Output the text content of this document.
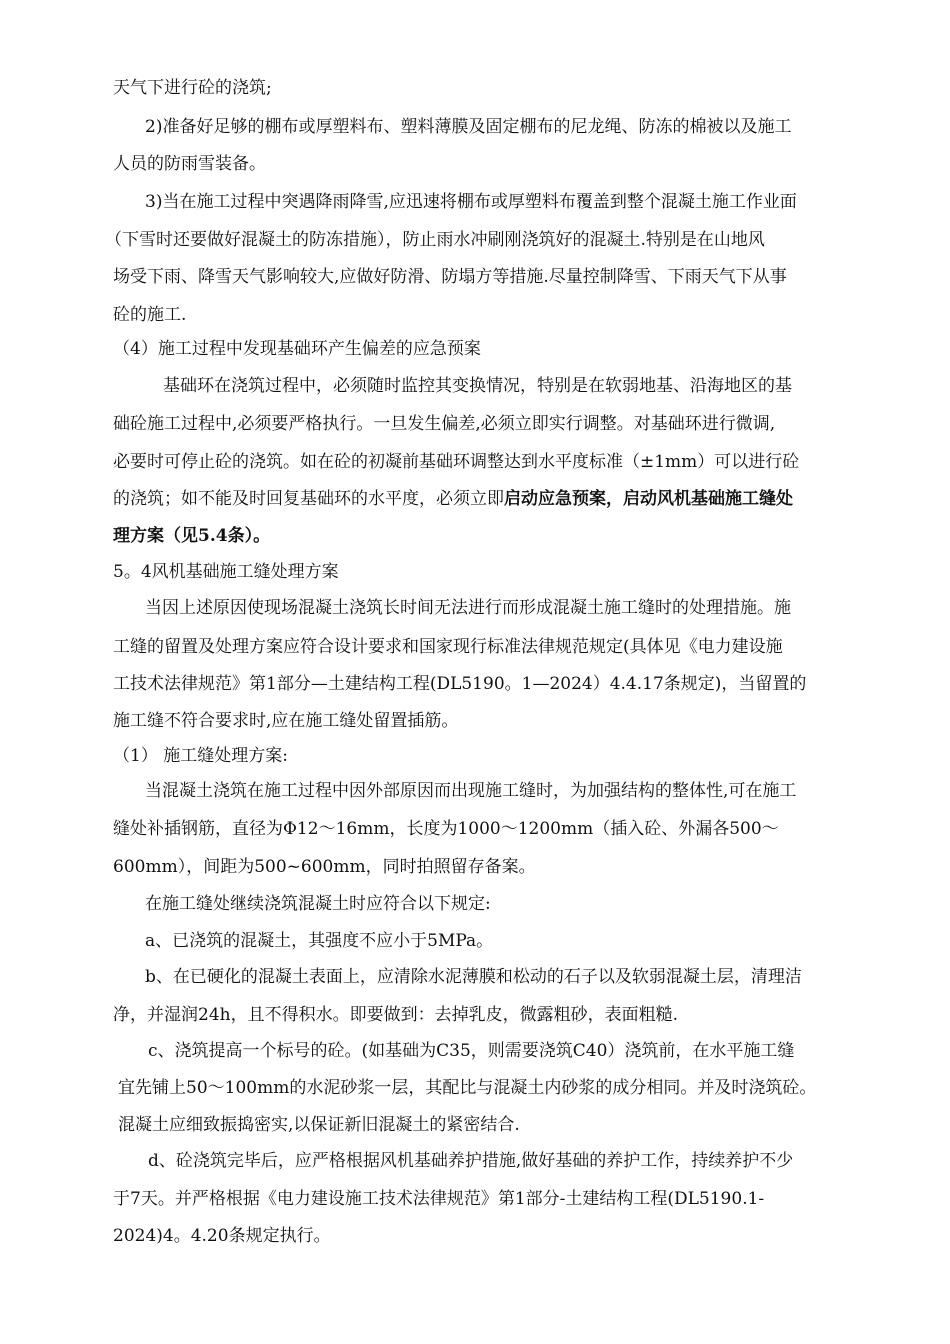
天气下进行砼的浇筑;
2)准备好足够的棚布或厚塑料布、塑料薄膜及固定棚布的尼龙绳、防冻的棉被以及施工
人员的防雨雪装备。
3)当在施工过程中突遇降雨降雪,应迅速将棚布或厚塑料布覆盖到整个混凝土施工作业面
（下雪时还要做好混凝土的防冻措施），防止雨水冲刷刚浇筑好的混凝土.特别是在山地风
场受下雨、降雪天气影响较大,应做好防滑、防塌方等措施.尽量控制降雪、下雨天气下从事
砼的施工.
（4）施工过程中发现基础环产生偏差的应急预案
基础环在浇筑过程中，必须随时监控其变换情况，特别是在软弱地基、沿海地区的基
础砼施工过程中,必须要严格执行。一旦发生偏差,必须立即实行调整。对基础环进行微调,
必要时可停止砼的浇筑。如在砼的初凝前基础环调整达到水平度标准（±1mm）可以进行砼
的浇筑；如不能及时回复基础环的水平度，必须立即启动应急预案，启动风机基础施工缝处
理方案（见5.4条）。
5。4风机基础施工缝处理方案
当因上述原因使现场混凝土浇筑长时间无法进行而形成混凝土施工缝时的处理措施。施
工缝的留置及处理方案应符合设计要求和国家现行标准法律规范规定(具体见《电力建设施
工技术法律规范》第1部分—土建结构工程(DL5190。1—2024）4.4.17条规定)，当留置的
施工缝不符合要求时,应在施工缝处留置插筋。
（1） 施工缝处理方案:
当混凝土浇筑在施工过程中因外部原因而出现施工缝时，为加强结构的整体性,可在施工
缝处补插钢筋，直径为Φ12～16mm，长度为1000～1200mm（插入砼、外漏各500～
600mm），间距为500~600mm，同时拍照留存备案。
在施工缝处继续浇筑混凝土时应符合以下规定:
a、已浇筑的混凝土，其强度不应小于5MPa。
b、在已硬化的混凝土表面上，应清除水泥薄膜和松动的石子以及软弱混凝土层，清理洁
净，并湿润24h，且不得积水。即要做到：去掉乳皮，微露粗砂，表面粗糙.
c、浇筑提高一个标号的砼。(如基础为C35，则需要浇筑C40）浇筑前，在水平施工缝
宜先铺上50～100mm的水泥砂浆一层，其配比与混凝土内砂浆的成分相同。并及时浇筑砼。
混凝土应细致振捣密实,以保证新旧混凝土的紧密结合.
d、砼浇筑完毕后，应严格根据风机基础养护措施,做好基础的养护工作，持续养护不少
于7天。并严格根据《电力建设施工技术法律规范》第1部分-土建结构工程(DL5190.1-
2024)4。4.20条规定执行。
